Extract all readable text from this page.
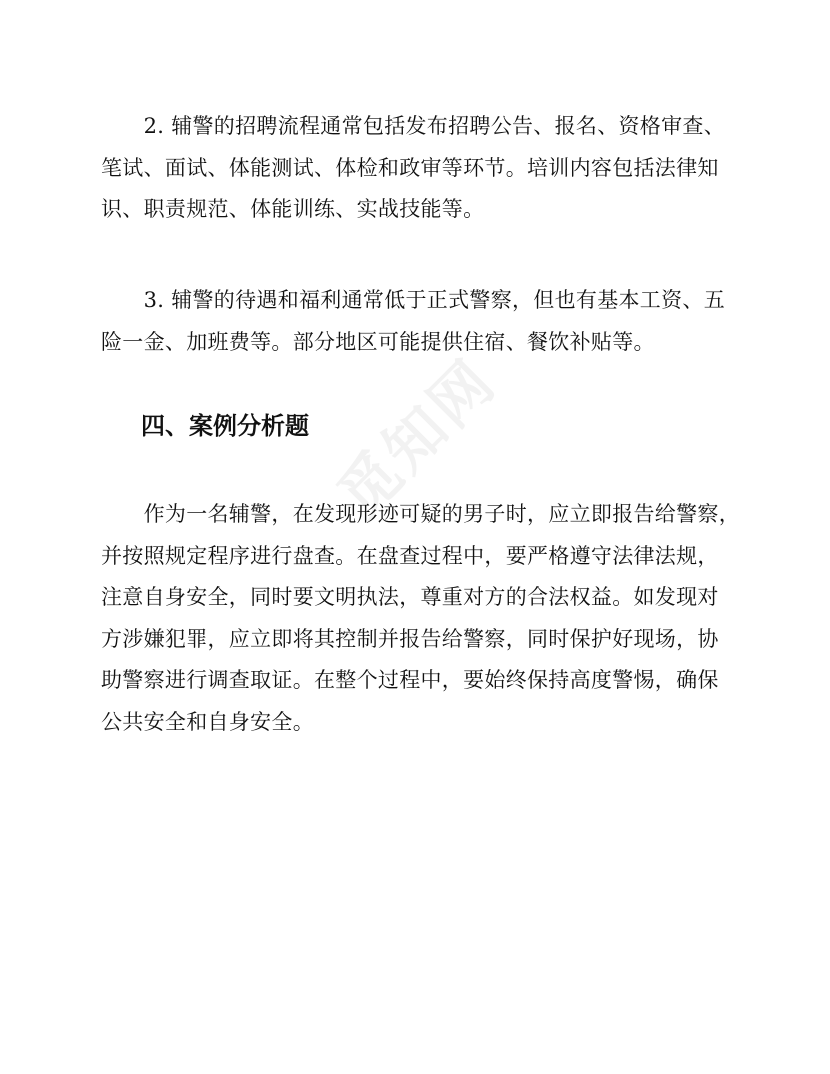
　　2. 辅警的招聘流程通常包括发布招聘公告、报名、资格审查、
笔试、面试、体能测试、体检和政审等环节。培训内容包括法律知
识、职责规范、体能训练、实战技能等。

　　3. 辅警的待遇和福利通常低于正式警察，但也有基本工资、五
险一金、加班费等。部分地区可能提供住宿、餐饮补贴等。

四、案例分析题

　　作为一名辅警，在发现形迹可疑的男子时，应立即报告给警察，
并按照规定程序进行盘查。在盘查过程中，要严格遵守法律法规，
注意自身安全，同时要文明执法，尊重对方的合法权益。如发现对
方涉嫌犯罪，应立即将其控制并报告给警察，同时保护好现场，协
助警察进行调查取证。在整个过程中，要始终保持高度警惕，确保
公共安全和自身安全。

觅知网
